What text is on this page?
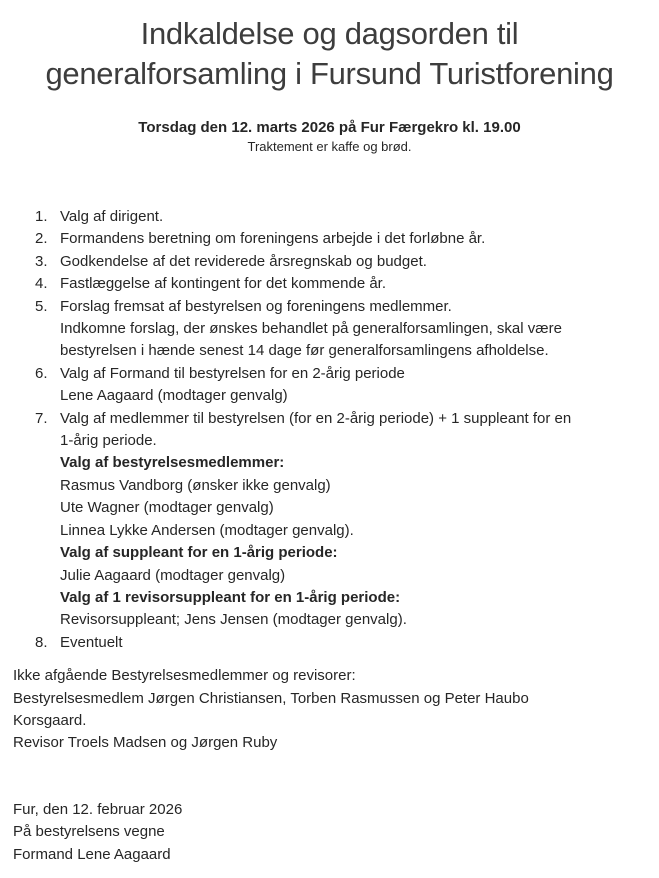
Indkaldelse og dagsorden til
generalforsamling i Fursund Turistforening
Torsdag den 12. marts 2026 på Fur Færgekro kl. 19.00
Traktement er kaffe og brød.
1. Valg af dirigent.
2. Formandens beretning om foreningens arbejde i det forløbne år.
3. Godkendelse af det reviderede årsregnskab og budget.
4. Fastlæggelse af kontingent for det kommende år.
5. Forslag fremsat af bestyrelsen og foreningens medlemmer.
Indkomne forslag, der ønskes behandlet på generalforsamlingen, skal være
bestyrelsen i hænde senest 14 dage før generalforsamlingens afholdelse.
6. Valg af Formand til bestyrelsen for en 2-årig periode
Lene Aagaard (modtager genvalg)
7. Valg af medlemmer til bestyrelsen (for en 2-årig periode) + 1 suppleant for en
1-årig periode.
Valg af bestyrelsesmedlemmer:
Rasmus Vandborg (ønsker ikke genvalg)
Ute Wagner (modtager genvalg)
Linnea Lykke Andersen (modtager genvalg).
Valg af suppleant for en 1-årig periode:
Julie Aagaard (modtager genvalg)
Valg af 1 revisorsuppleant for en 1-årig periode:
Revisorsuppleant; Jens Jensen (modtager genvalg).
8. Eventuelt
Ikke afgående Bestyrelsesmedlemmer og revisorer:
Bestyrelsesmedlem Jørgen Christiansen, Torben Rasmussen og Peter Haubo
Korsgaard.
Revisor Troels Madsen og Jørgen Ruby
Fur, den 12. februar 2026
På bestyrelsens vegne
Formand Lene Aagaard
